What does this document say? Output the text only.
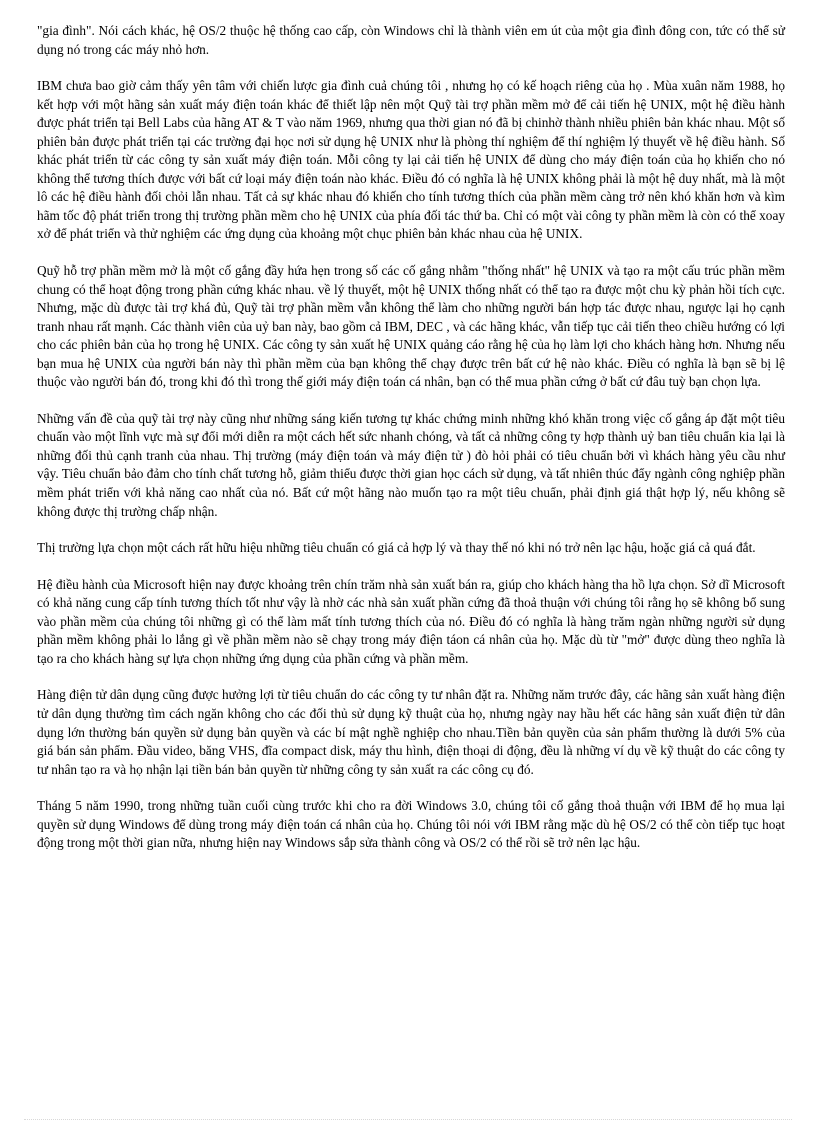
"gia đình". Nói cách khác, hệ OS/2 thuộc hệ thống cao cấp, còn Windows chỉ là thành viên em út của một gia đình đông con, tức có thể sử dụng nó trong các máy nhỏ hơn.

IBM chưa bao giờ cảm thấy yên tâm với chiến lược gia đình cuả chúng tôi , nhưng họ có kế hoạch riêng của họ . Mùa xuân năm 1988, họ kết hợp với một hãng sản xuất máy điện toán khác để thiết lập nên một Quỹ tài trợ phần mềm mở để cải tiến hệ UNIX, một hệ điều hành được phát triển tại Bell Labs của hãng AT & T vào năm 1969, nhưng qua thời gian nó đã bị chinhờ thành nhiều phiên bản khác nhau. Một số phiên bản được phát triển tại các trường đại học nơi sử dụng hệ UNIX như là phòng thí nghiệm để thí nghiệm lý thuyết về hệ điều hành. Số khác phát triển từ các công ty sản xuất máy điện toán. Mỗi công ty lại cải tiến hệ UNIX để dùng cho máy điện toán của họ khiến cho nó không thể tương thích được với bất cứ loại máy điện toán nào khác. Điều đó có nghĩa là hệ UNIX không phải là một hệ duy nhất, mà là một lô các hệ điều hành đối chỏi lẫn nhau. Tất cả sự khác nhau đó khiến cho tính tương thích của phần mềm càng trở nên khó khăn hơn và kìm hãm tốc độ phát triển trong thị trường phần mềm cho hệ UNIX của phía đối tác thứ ba. Chỉ có một vài công ty phần mềm là còn có thể xoay xở để phát triển và thử nghiệm các ứng dụng của khoảng một chục phiên bản khác nhau của hệ UNIX.

Quỹ hỗ trợ phần mềm mở là một cố gắng đầy hứa hẹn trong số các cố gắng nhằm "thống nhất" hệ UNIX và tạo ra một cấu trúc phần mềm chung có thể hoạt động trong phần cứng khác nhau. về lý thuyết, một hệ UNIX thống nhất có thể tạo ra được một chu kỳ phản hồi tích cực. Nhưng, mặc dù được tài trợ khá đủ, Quỹ tài trợ phần mềm vẫn không thể làm cho những người bán hợp tác được nhau, ngược lại họ cạnh tranh nhau rất mạnh. Các thành viên của uỷ ban này, bao gồm cả IBM, DEC , và các hãng khác, vẫn tiếp tục cải tiến theo chiều hướng có lợi cho các phiên bản của họ trong hệ UNIX. Các công ty sản xuất hệ UNIX quảng cáo rằng hệ của họ làm lợi cho khách hàng hơn. Nhưng nếu bạn mua hệ UNIX của người bán này thì phần mềm của bạn không thể chạy được trên bất cứ hệ nào khác. Điều có nghĩa là bạn sẽ bị lệ thuộc vào người bán đó, trong khi đó thì trong thế giới máy điện toán cá nhân, bạn có thể mua phần cứng ở bất cứ đâu tuỳ bạn chọn lựa.

Những vấn đề của quỹ tài trợ này cũng như những sáng kiến tương tự khác chứng minh những khó khăn trong việc cố gắng áp đặt một tiêu chuẩn vào một lĩnh vực mà sự đổi mới diễn ra một cách hết sức nhanh chóng, và tất cả những công ty hợp thành uỷ ban tiêu chuẩn kia lại là những đối thủ cạnh tranh của nhau. Thị trường (máy điện toán và máy điện tử ) đò hỏi phải có tiêu chuẩn bởi vì khách hàng yêu cầu như vậy. Tiêu chuẩn bảo đảm cho tính chất tương hỗ, giảm thiểu được thời gian học cách sử dụng, và tất nhiên thúc đẩy ngành công nghiệp phần mềm phát triển với khả năng cao nhất của nó. Bất cứ một hãng nào muốn tạo ra một tiêu chuẩn, phải định giá thật hợp lý, nếu không sẽ không được thị trường chấp nhận.

Thị trường lựa chọn một cách rất hữu hiệu những tiêu chuẩn có giá cả hợp lý và thay thế nó khi nó trở nên lạc hậu, hoặc giá cả quá đắt.

Hệ điều hành của Microsoft hiện nay được khoảng trên chín trăm nhà sản xuất bán ra, giúp cho khách hàng tha hồ lựa chọn. Sở dĩ Microsoft có khả năng cung cấp tính tương thích tốt như vậy là nhờ các nhà sản xuất phần cứng đã thoả thuận với chúng tôi rằng họ sẽ không bổ sung vào phần mềm của chúng tôi những gì có thể làm mất tính tương thích của nó. Điều đó có nghĩa là hàng trăm ngàn những người sử dụng phần mềm không phải lo lắng gì về phần mềm nào sẽ chạy trong máy điện táon cá nhân của họ. Mặc dù từ "mở" được dùng theo nghĩa là tạo ra cho khách hàng sự lựa chọn những ứng dụng của phần cứng và phần mềm.

Hàng điện tử dân dụng cũng được hưởng lợi từ tiêu chuẩn do các công ty tư nhân đặt ra. Những năm trước đây, các hãng sản xuất hàng điện tử dân dụng thường tìm cách ngăn không cho các đối thủ sử dụng kỹ thuật của họ, nhưng ngày nay hầu hết các hãng sản xuất điện tử dân dụng lớn thường bán quyền sử dụng bản quyền và các bí mật nghề nghiệp cho nhau.Tiền bản quyền của sản phẩm thường là dưới 5% của giá bán sản phẩm. Đầu video, băng VHS, đĩa compact disk, máy thu hình, điện thoại di động, đều là những ví dụ về kỹ thuật do các công ty tư nhân tạo ra và họ nhận lại tiền bán bản quyền từ những công ty sản xuất ra các công cụ đó.

Tháng 5 năm 1990, trong những tuần cuối cùng trước khi cho ra đời Windows 3.0, chúng tôi cố gắng thoả thuận với IBM để họ mua lại quyền sử dụng Windows để dùng trong máy điện toán cá nhân của họ. Chúng tôi nói với IBM rằng mặc dù hệ OS/2 có thể còn tiếp tục hoạt động trong một thời gian nữa, nhưng hiện nay Windows sắp sửa thành công và OS/2 có thể rồi sẽ trở nên lạc hậu.
